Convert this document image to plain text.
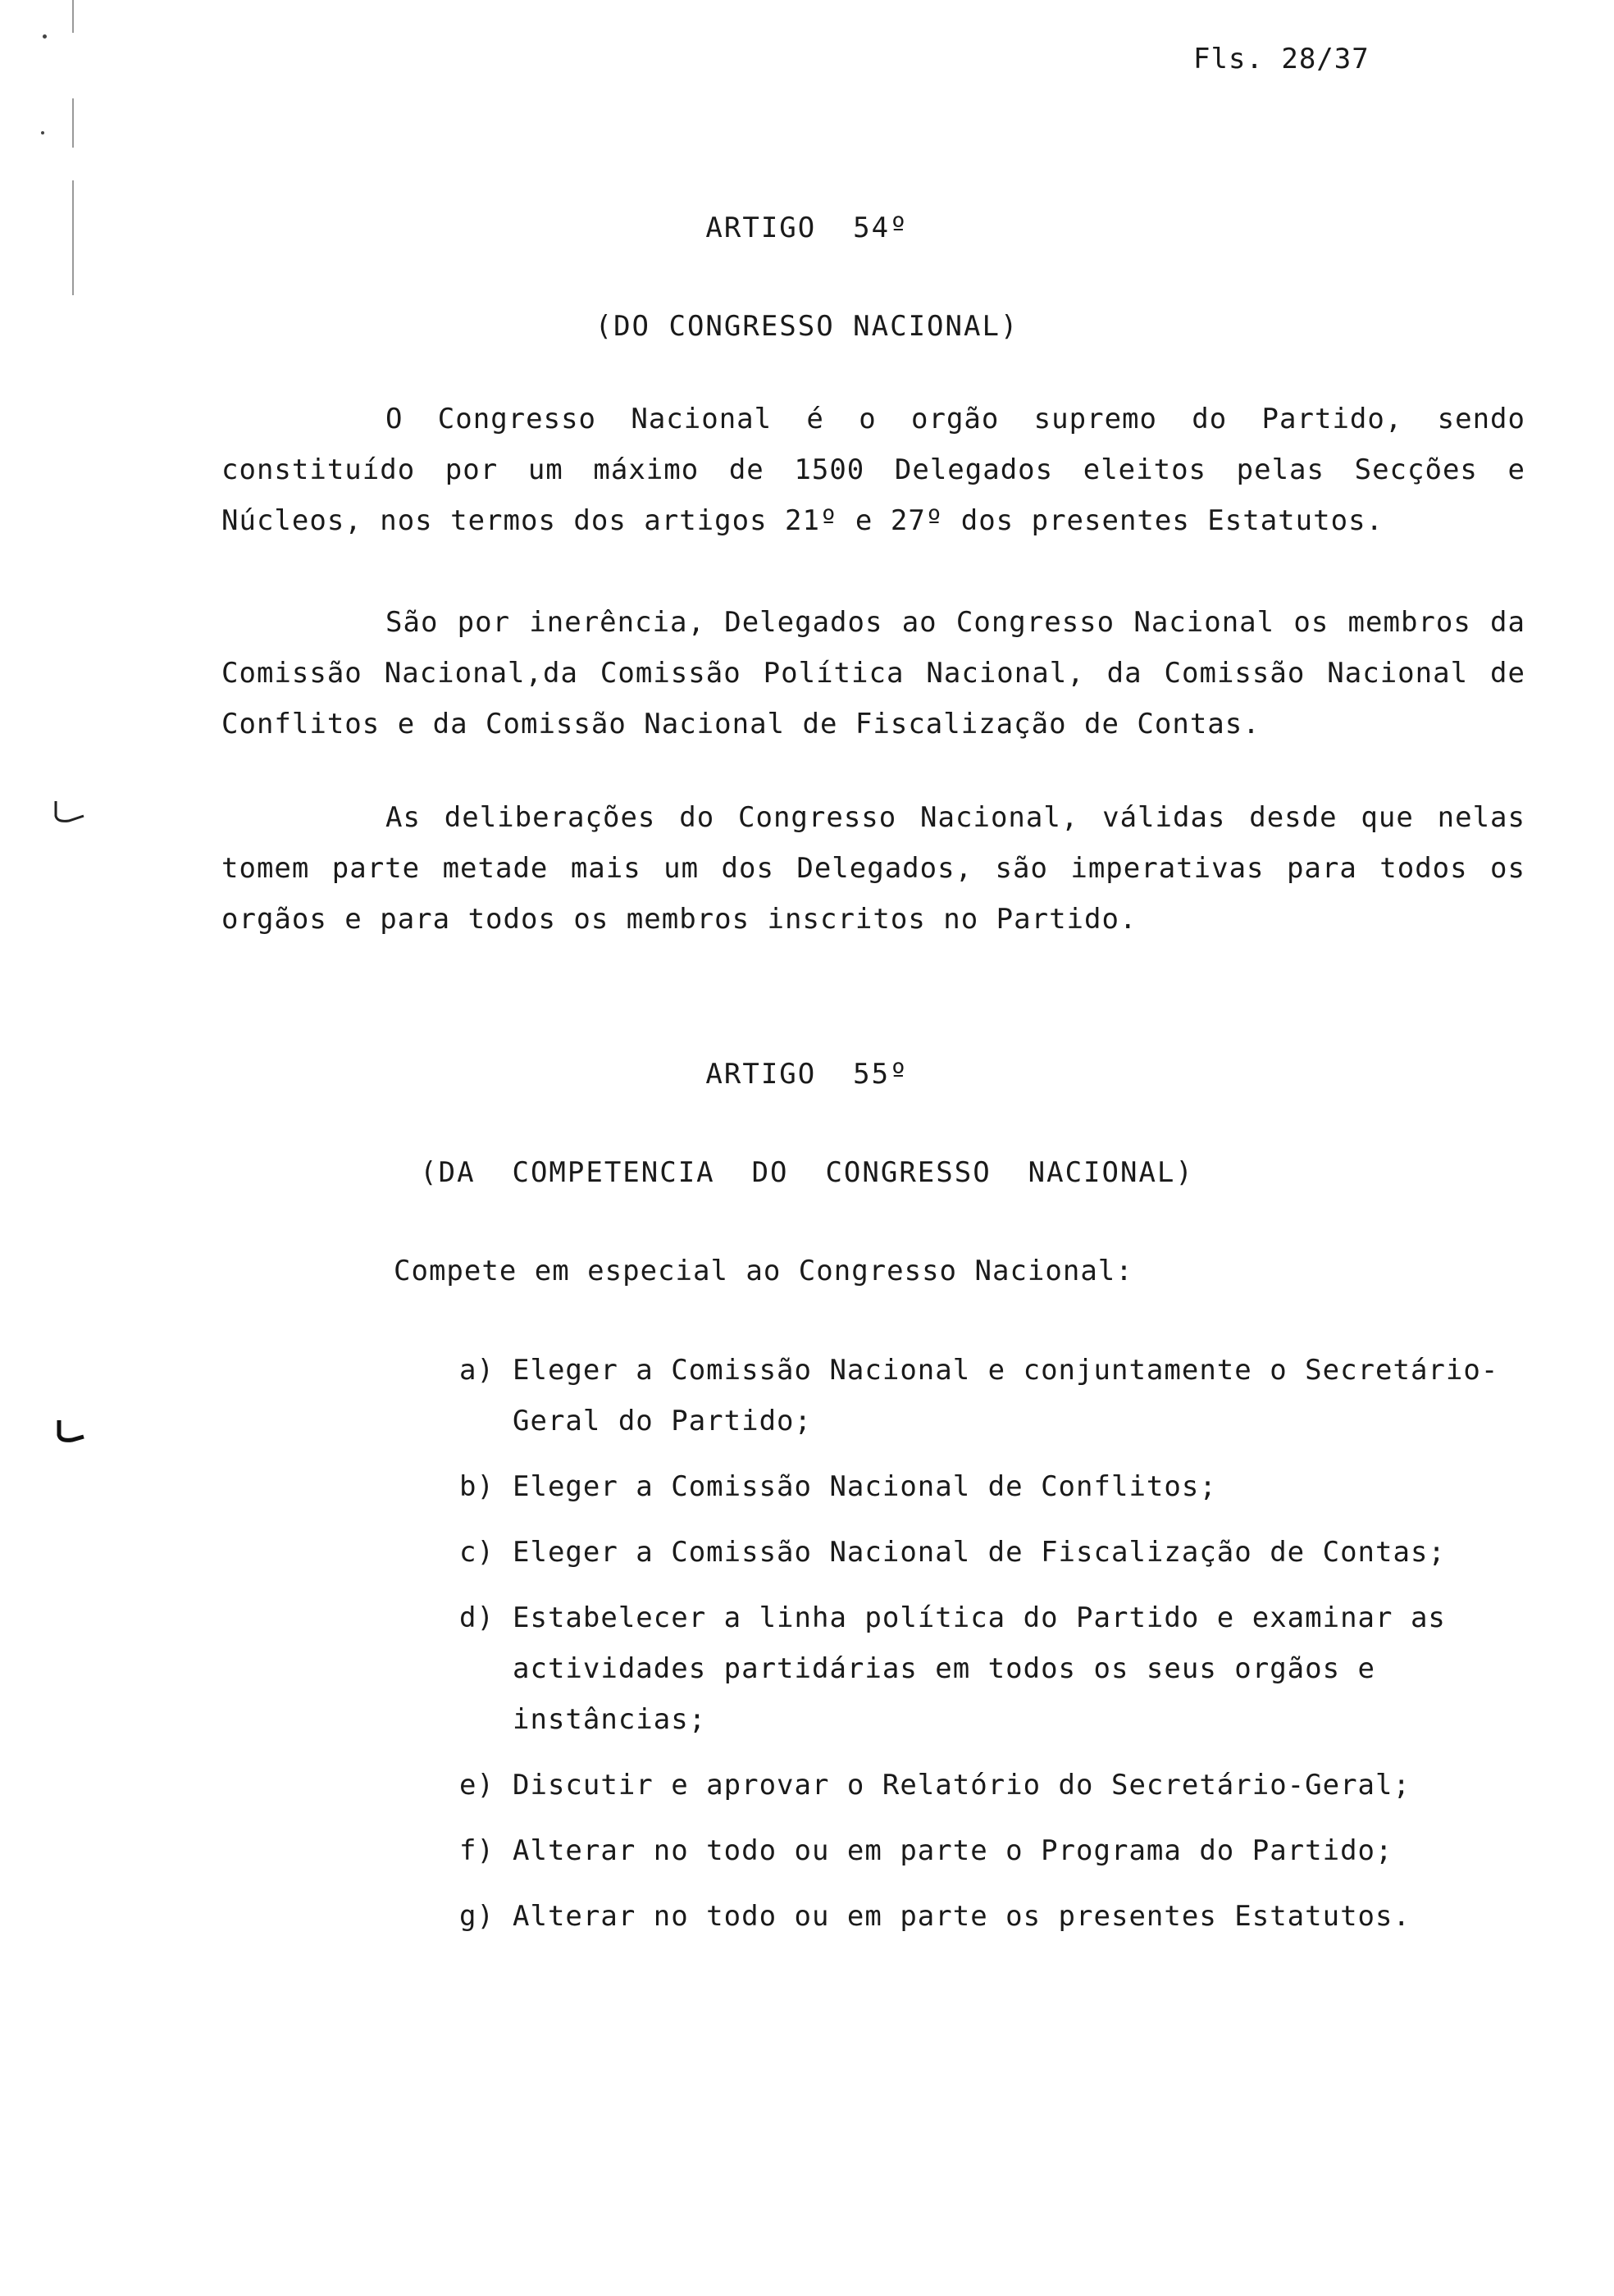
Fls. 28/37
ARTIGO  54º
(DO CONGRESSO NACIONAL)
O Congresso Nacional é o orgão supremo do Partido, sendo constituído por um máximo de 1500 Delegados eleitos pelas Secções e Núcleos, nos termos dos artigos 21º e 27º dos presentes Estatutos.
São por inerência, Delegados ao Congresso Nacional os membros da Comissão Nacional,da Comissão Política Nacional, da Comissão Nacional de Conflitos e da Comissão Nacional de Fiscalização de Contas.
As deliberações do Congresso Nacional, válidas desde que nelas tomem parte metade mais um dos Delegados, são imperativas para todos os orgãos e para todos os membros inscritos no Partido.
ARTIGO  55º
(DA  COMPETENCIA  DO  CONGRESSO  NACIONAL)
Compete em especial ao Congresso Nacional:
a) Eleger a Comissão Nacional e conjuntamente o Secretário-Geral do Partido;
b) Eleger a Comissão Nacional de Conflitos;
c) Eleger a Comissão Nacional de Fiscalização de Contas;
d) Estabelecer a linha política do Partido e examinar as actividades partidárias em todos os seus orgãos e instâncias;
e) Discutir e aprovar o Relatório do Secretário-Geral;
f) Alterar no todo ou em parte o Programa do Partido;
g) Alterar no todo ou em parte os presentes Estatutos.
